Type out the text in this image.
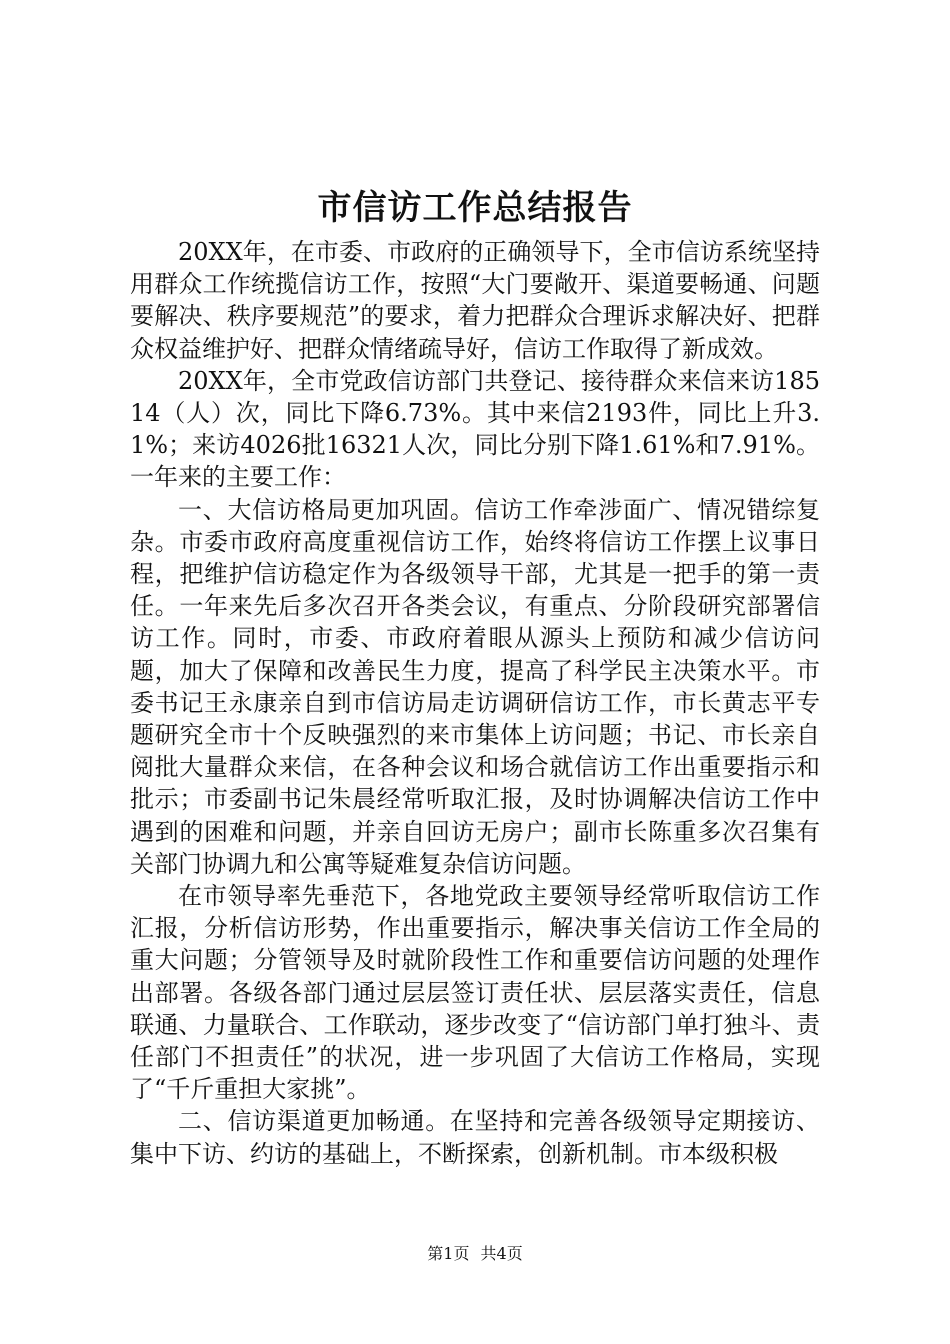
市信访工作总结报告

20XX年，在市委、市政府的正确领导下，全市信访系统坚持用群众工作统揽信访工作，按照“大门要敞开、渠道要畅通、问题要解决、秩序要规范”的要求，着力把群众合理诉求解决好、把群众权益维护好、把群众情绪疏导好，信访工作取得了新成效。

20XX年，全市党政信访部门共登记、接待群众来信来访18514（人）次，同比下降6.73%。其中来信2193件，同比上升3.1%；来访4026批16321人次，同比分别下降1.61%和7.91%。一年来的主要工作：

一、大信访格局更加巩固。信访工作牵涉面广、情况错综复杂。市委市政府高度重视信访工作，始终将信访工作摆上议事日程，把维护信访稳定作为各级领导干部，尤其是一把手的第一责任。一年来先后多次召开各类会议，有重点、分阶段研究部署信访工作。同时，市委、市政府着眼从源头上预防和减少信访问题，加大了保障和改善民生力度，提高了科学民主决策水平。市委书记王永康亲自到市信访局走访调研信访工作，市长黄志平专题研究全市十个反映强烈的来市集体上访问题；书记、市长亲自阅批大量群众来信，在各种会议和场合就信访工作出重要指示和批示；市委副书记朱晨经常听取汇报，及时协调解决信访工作中遇到的困难和问题，并亲自回访无房户；副市长陈重多次召集有关部门协调九和公寓等疑难复杂信访问题。

在市领导率先垂范下，各地党政主要领导经常听取信访工作汇报，分析信访形势，作出重要指示，解决事关信访工作全局的重大问题；分管领导及时就阶段性工作和重要信访问题的处理作出部署。各级各部门通过层层签订责任状、层层落实责任，信息联通、力量联合、工作联动，逐步改变了“信访部门单打独斗、责任部门不担责任”的状况，进一步巩固了大信访工作格局，实现了“千斤重担大家挑”。

二、信访渠道更加畅通。在坚持和完善各级领导定期接访、集中下访、约访的基础上，不断探索，创新机制。市本级积极

第1页 共4页
